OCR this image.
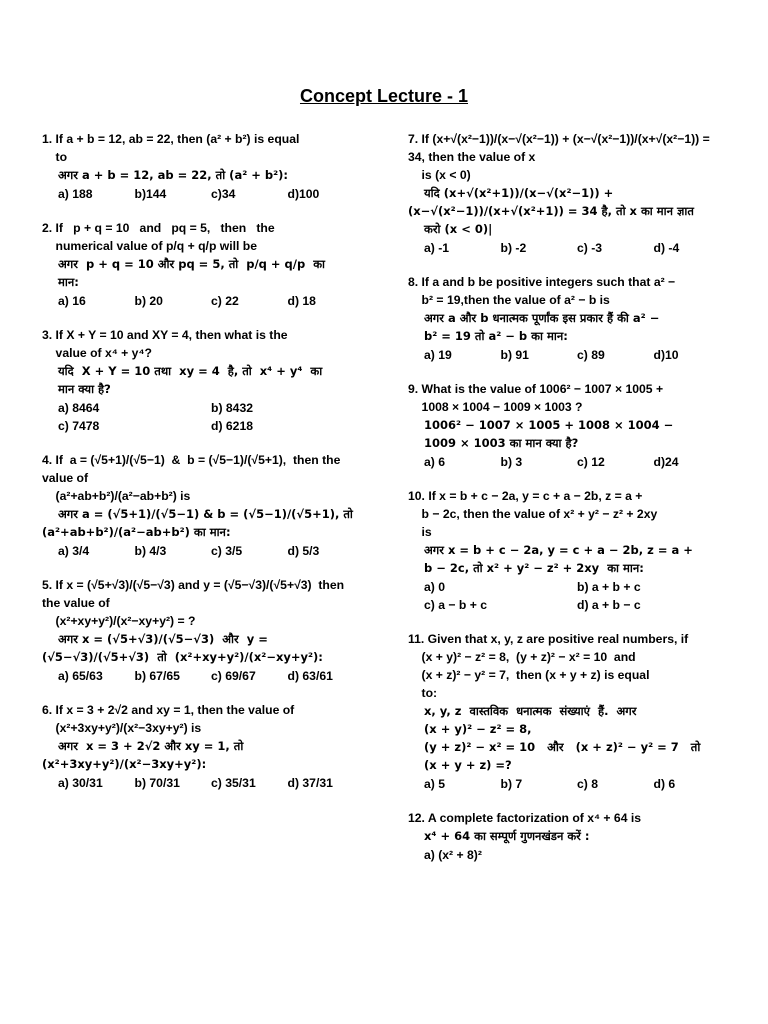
Concept Lecture - 1
1. If a + b = 12, ab = 22, then (a² + b²) is equal
to
अगर a + b = 12, ab = 22, तो (a² + b²):
a) 188	b)144	c)34	d)100
2. If   p + q = 10   and   pq = 5,   then   the
numerical value of p/q + q/p will be
अगर  p + q = 10 और pq = 5, तो  p/q + q/p  का
मान:
a) 16	b) 20	c) 22	d) 18
3. If X + Y = 10 and XY = 4, then what is the
value of x⁴ + y⁴?
यदि  X + Y = 10 तथा  xy = 4  है, तो  x⁴ + y⁴  का
मान क्या है?
a) 8464	b) 8432
c) 7478	d) 6218
4. If  a = (√5+1)/(√5−1)  &  b = (√5−1)/(√5+1),  then the value of
(a²+ab+b²)/(a²−ab+b²) is
अगर a = (√5+1)/(√5−1) & b = (√5−1)/(√5+1), तो (a²+ab+b²)/(a²−ab+b²) का मान:
a) 3/4	b) 4/3	c) 3/5	d) 5/3
5. If x = (√5+√3)/(√5−√3) and y = (√5−√3)/(√5+√3)  then the value of
(x²+xy+y²)/(x²−xy+y²) = ?
अगर x = (√5+√3)/(√5−√3)  और  y = (√5−√3)/(√5+√3)  तो  (x²+xy+y²)/(x²−xy+y²):
a) 65/63	b) 67/65	c) 69/67	d) 63/61
6. If x = 3 + 2√2 and xy = 1, then the value of
(x²+3xy+y²)/(x²−3xy+y²) is
अगर  x = 3 + 2√2 और xy = 1, तो  (x²+3xy+y²)/(x²−3xy+y²):
a) 30/31	b) 70/31	c) 35/31	d) 37/31
7. If (x+√(x²−1))/(x−√(x²−1)) + (x−√(x²−1))/(x+√(x²−1)) = 34, then the value of x
is (x < 0)
यदि (x+√(x²+1))/(x−√(x²−1)) + (x−√(x²−1))/(x+√(x²+1)) = 34 है, तो x का मान ज्ञात
करो (x < 0)|
a) -1	b) -2	c) -3	d) -4
8. If a and b be positive integers such that a² −
b² = 19,then the value of a² − b is
अगर a और b धनात्मक पूर्णांक इस प्रकार हैं की a² −
b² = 19 तो a² − b का मान:
a) 19	b) 91	c) 89	d)10
9. What is the value of 1006² − 1007 × 1005 +
1008 × 1004 − 1009 × 1003 ?
1006² − 1007 × 1005 + 1008 × 1004 −
1009 × 1003 का मान क्या है?
a) 6	b) 3	c) 12	d)24
10. If x = b + c − 2a, y = c + a − 2b, z = a +
b − 2c, then the value of x² + y² − z² + 2xy
is
अगर x = b + c − 2a, y = c + a − 2b, z = a +
b − 2c, तो x² + y² − z² + 2xy  का मान:
a) 0	b) a + b + c
c) a − b + c	d) a + b − c
11. Given that x, y, z are positive real numbers, if
(x + y)² − z² = 8,  (y + z)² − x² = 10  and
(x + z)² − y² = 7,  then (x + y + z) is equal
to:
x, y, z  वास्तविक  धनात्मक  संख्याएं  हैं.  अगर
(x + y)² − z² = 8,
(y + z)² − x² = 10   और   (x + z)² − y² = 7   तो
(x + y + z) =?
a) 5	b) 7	c) 8	d) 6
12. A complete factorization of x⁴ + 64 is
x⁴ + 64 का सम्पूर्ण गुणनखंडन करें :
a) (x² + 8)²
